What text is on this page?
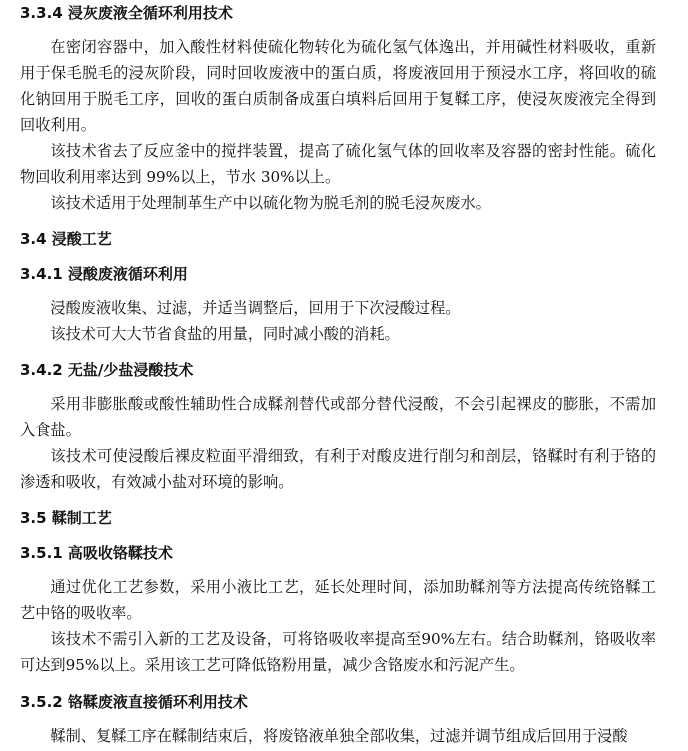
3.3.4 浸灰废液全循环利用技术

在密闭容器中，加入酸性材料使硫化物转化为硫化氢气体逸出，并用碱性材料吸收，重新用于保毛脱毛的浸灰阶段，同时回收废液中的蛋白质，将废液回用于预浸水工序，将回收的硫化钠回用于脱毛工序，回收的蛋白质制备成蛋白填料后回用于复鞣工序，使浸灰废液完全得到回收利用。

该技术省去了反应釜中的搅拌装置，提高了硫化氢气体的回收率及容器的密封性能。硫化物回收利用率达到 99%以上，节水 30%以上。

该技术适用于处理制革生产中以硫化物为脱毛剂的脱毛浸灰废水。

3.4 浸酸工艺
3.4.1 浸酸废液循环利用

浸酸废液收集、过滤，并适当调整后，回用于下次浸酸过程。

该技术可大大节省食盐的用量，同时减小酸的消耗。

3.4.2 无盐/少盐浸酸技术

采用非膨胀酸或酸性辅助性合成鞣剂替代或部分替代浸酸，不会引起裸皮的膨胀，不需加入食盐。

该技术可使浸酸后裸皮粒面平滑细致，有利于对酸皮进行削匀和剖层，铬鞣时有利于铬的渗透和吸收，有效减小盐对环境的影响。

3.5 鞣制工艺
3.5.1 高吸收铬鞣技术

通过优化工艺参数，采用小液比工艺，延长处理时间，添加助鞣剂等方法提高传统铬鞣工艺中铬的吸收率。

该技术不需引入新的工艺及设备，可将铬吸收率提高至90%左右。结合助鞣剂，铬吸收率可达到95%以上。采用该工艺可降低铬粉用量，减少含铬废水和污泥产生。

3.5.2 铬鞣废液直接循环利用技术

鞣制、复鞣工序在鞣制结束后，将废铬液单独全部收集，过滤并调节组成后回用于浸酸
